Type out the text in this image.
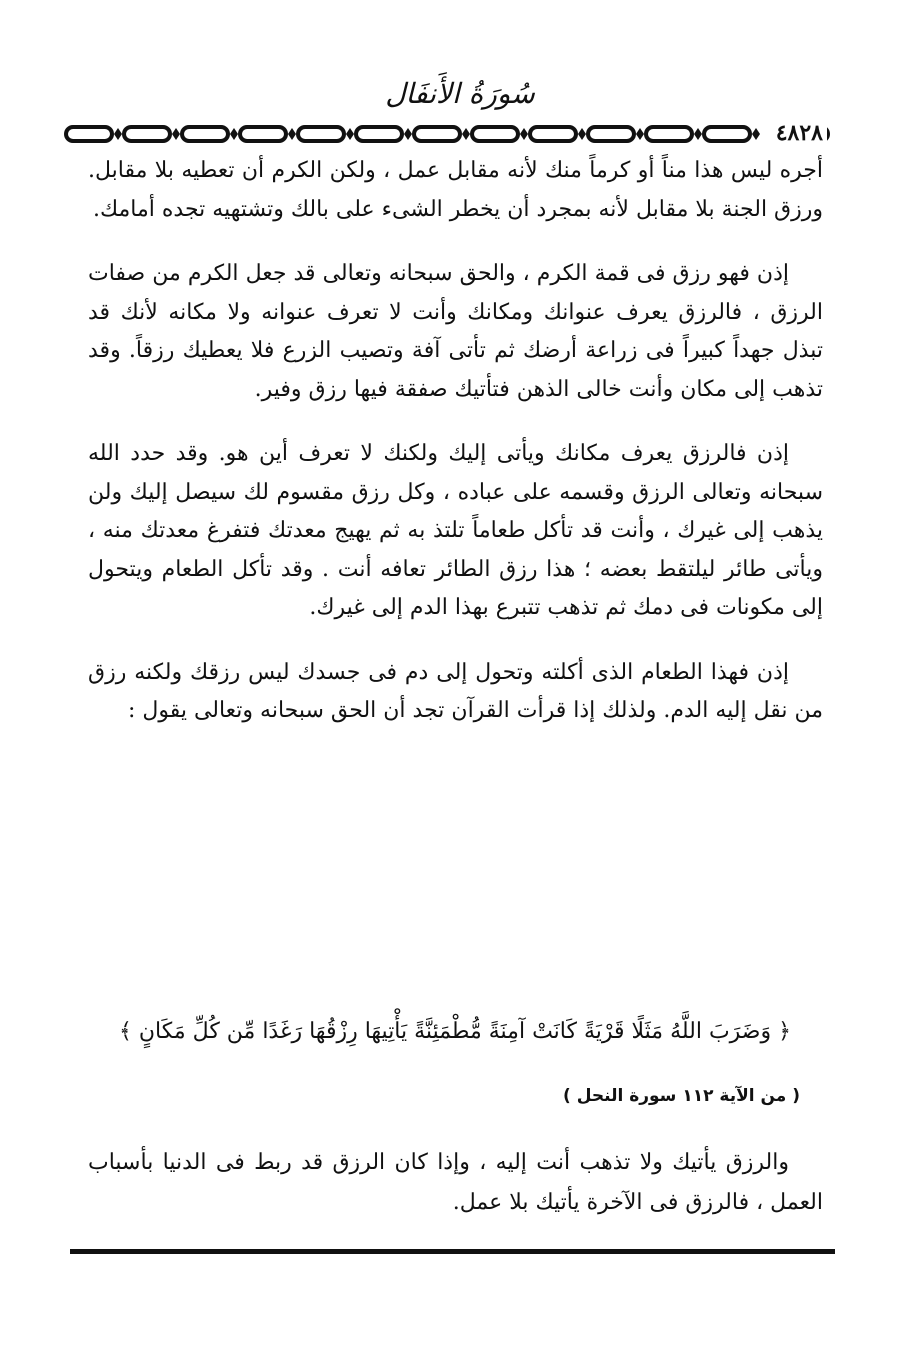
سُورَةُ الأَنفَال
٤٨٢٨

أجره ليس هذا مناً أو كرماً منك لأنه مقابل عمل ، ولكن الكرم أن تعطيه بلا مقابل. ورزق الجنة بلا مقابل لأنه بمجرد أن يخطر الشىء على بالك وتشتهيه تجده أمامك.

إذن فهو رزق فى قمة الكرم ، والحق سبحانه وتعالى قد جعل الكرم من صفات الرزق ، فالرزق يعرف عنوانك ومكانك وأنت لا تعرف عنوانه ولا مكانه لأنك قد تبذل جهداً كبيراً فى زراعة أرضك ثم تأتى آفة وتصيب الزرع فلا يعطيك رزقاً. وقد تذهب إلى مكان وأنت خالى الذهن فتأتيك صفقة فيها رزق وفير.

إذن فالرزق يعرف مكانك ويأتى إليك ولكنك لا تعرف أين هو. وقد حدد الله سبحانه وتعالى الرزق وقسمه على عباده ، وكل رزق مقسوم لك سيصل إليك ولن يذهب إلى غيرك ، وأنت قد تأكل طعاماً تلتذ به ثم يهيج معدتك فتفرغ معدتك منه ، ويأتى طائر ليلتقط بعضه ؛ هذا رزق الطائر تعافه أنت . وقد تأكل الطعام ويتحول إلى مكونات فى دمك ثم تذهب تتبرع بهذا الدم إلى غيرك.

إذن فهذا الطعام الذى أكلته وتحول إلى دم فى جسدك ليس رزقك ولكنه رزق من نقل إليه الدم. ولذلك إذا قرأت القرآن تجد أن الحق سبحانه وتعالى يقول :

﴿ وَضَرَبَ اللَّهُ مَثَلًا قَرْيَةً كَانَتْ آمِنَةً مُّطْمَئِنَّةً يَأْتِيهَا رِزْقُهَا رَغَدًا مِّن كُلِّ مَكَانٍ ﴾
( من الآية ١١٢ سورة النحل )

والرزق يأتيك ولا تذهب أنت إليه ، وإذا كان الرزق قد ربط فى الدنيا بأسباب العمل ، فالرزق فى الآخرة يأتيك بلا عمل.
